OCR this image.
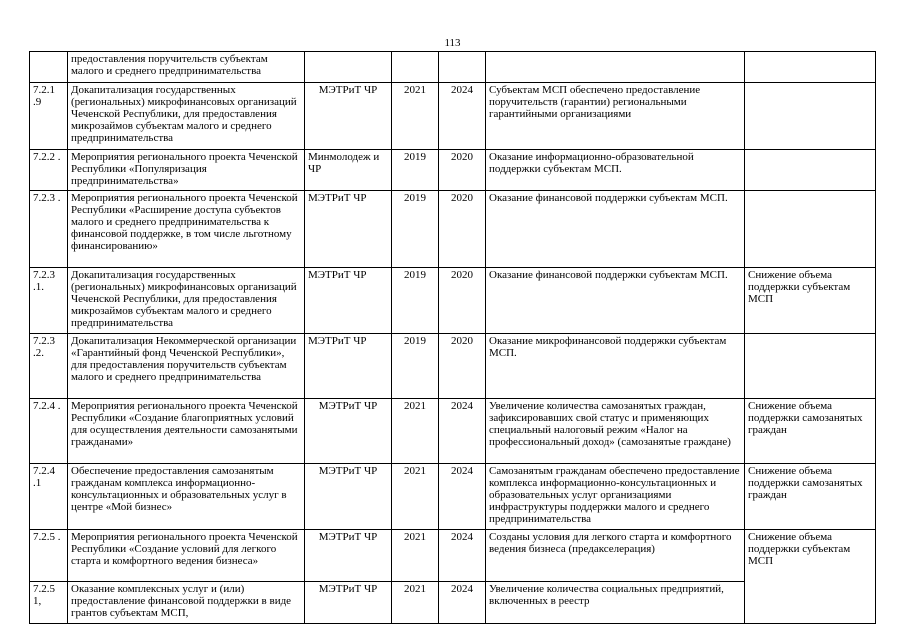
113
	предоставления поручительств субъектам малого и среднего предпринимательства					
7.2.1 .9	Докапитализация государственных (региональных) микрофинансовых организаций Чеченской Республики, для предоставления микрозаймов субъектам малого и среднего предпринимательства	МЭТРиТ ЧР	2021	2024	Субъектам МСП обеспечено предоставление поручительств (гарантии) региональными гарантийными организациями	
7.2.2 .	Мероприятия регионального проекта Чеченской Республики «Популяризация предпринимательства»	Минмолодеж и ЧР	2019	2020	Оказание информационно-образовательной поддержки субъектам МСП.	
7.2.3 .	Мероприятия регионального проекта Чеченской Республики «Расширение доступа субъектов малого и среднего предпринимательства к финансовой поддержке, в том числе льготному финансированию»	МЭТРиТ ЧР	2019	2020	Оказание финансовой поддержки субъектам МСП.	
7.2.3 .1.	Докапитализация государственных (региональных) микрофинансовых организаций Чеченской Республики, для предоставления микрозаймов субъектам малого и среднего предпринимательства	МЭТРиТ ЧР	2019	2020	Оказание финансовой поддержки субъектам МСП.	Снижение объема поддержки субъектам МСП
7.2.3 .2.	Докапитализация Некоммерческой организации «Гарантийный фонд Чеченской Республики», для предоставления поручительств субъектам малого и среднего предпринимательства	МЭТРиТ ЧР	2019	2020	Оказание микрофинансовой поддержки субъектам МСП.	
7.2.4 .	Мероприятия регионального проекта Чеченской Республики «Создание благоприятных условий для осуществления деятельности самозанятыми гражданами»	МЭТРиТ ЧР	2021	2024	Увеличение количества самозанятых граждан, зафиксировавших свой статус и применяющих специальный налоговый режим «Налог на профессиональный доход» (самозанятые граждане)	Снижение объема поддержки самозанятых граждан
7.2.4 .1	Обеспечение предоставления самозанятым гражданам комплекса информационно-консультационных и образовательных услуг в центре «Мой бизнес»	МЭТРиТ ЧР	2021	2024	Самозанятым гражданам обеспечено предоставление комплекса информационно-консультационных и образовательных услуг организациями инфраструктуры поддержки малого и среднего предпринимательства	Снижение объема поддержки самозанятых граждан
7.2.5 .	Мероприятия регионального проекта Чеченской Республики «Создание условий для легкого старта и комфортного ведения бизнеса»	МЭТРиТ ЧР	2021	2024	Созданы условия для легкого старта и комфортного ведения бизнеса (предакселерация)	Снижение объема поддержки субъектам МСП
7.2.5 1,	Оказание комплексных услуг и (или) предоставление финансовой поддержки в виде грантов субъектам МСП,	МЭТРиТ ЧР	2021	2024	Увеличение количества социальных предприятий, включенных в реестр	
